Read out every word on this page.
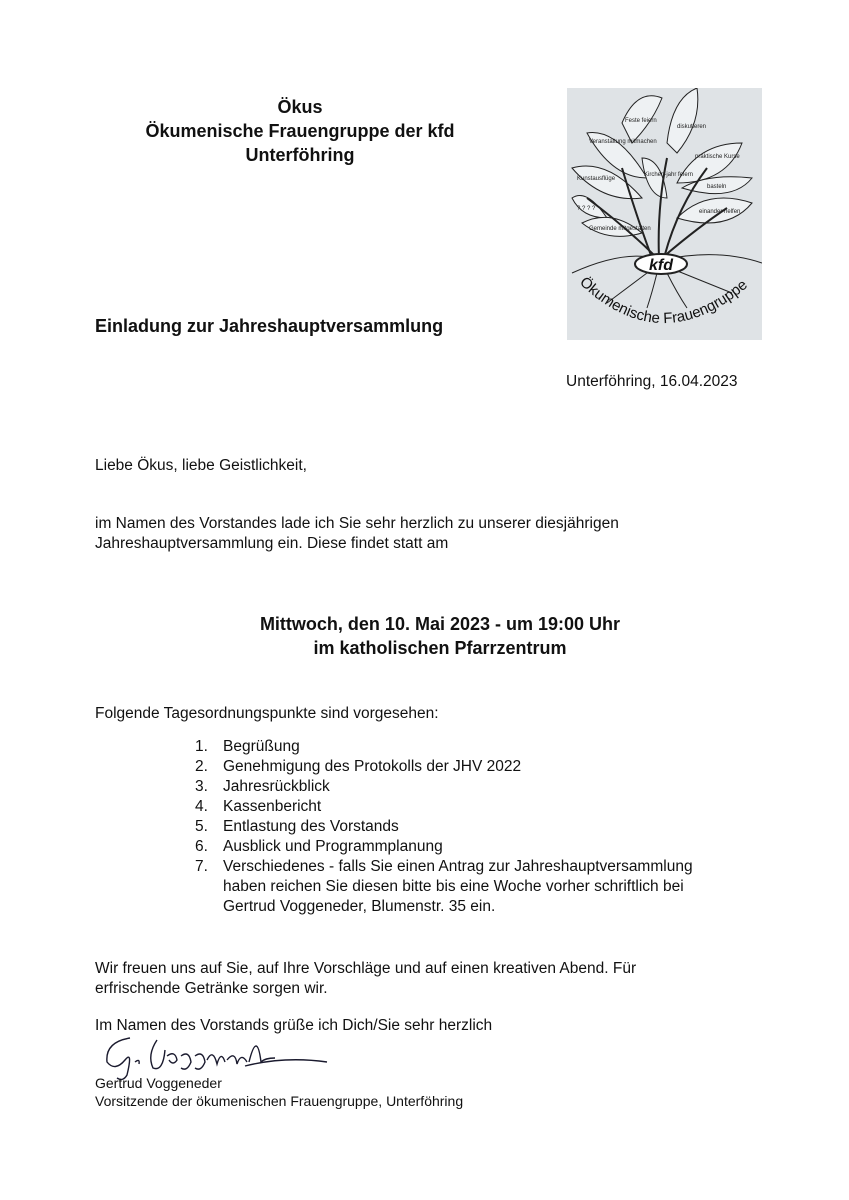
Ökus
Ökumenische Frauengruppe der kfd
Unterföhring
kfd
Ökumenische Frauengruppe
Feste feiern
diskutieren
Veranstaltung mitmachen
praktische Kurse
Kirchen-jahr feiern
Kunstausflüge
basteln
? ? ? ?	einander helfen
Gemeinde mitgestalten
Einladung zur Jahreshauptversammlung
Unterföhring, 16.04.2023
Liebe Ökus, liebe Geistlichkeit,
im Namen des Vorstandes lade ich Sie sehr herzlich zu unserer diesjährigen
Jahreshauptversammlung ein. Diese findet statt am
Mittwoch, den 10. Mai 2023 - um 19:00 Uhr
im katholischen Pfarrzentrum
Folgende Tagesordnungspunkte sind vorgesehen:
1. Begrüßung
2. Genehmigung des Protokolls der JHV 2022
3. Jahresrückblick
4. Kassenbericht
5. Entlastung des Vorstands
6. Ausblick und Programmplanung
7. Verschiedenes - falls Sie einen Antrag zur Jahreshauptversammlung
haben reichen Sie diesen bitte bis eine Woche vorher schriftlich bei
Gertrud Voggeneder, Blumenstr. 35 ein.
Wir freuen uns auf Sie, auf Ihre Vorschläge und auf einen kreativen Abend. Für
erfrischende Getränke sorgen wir.
Im Namen des Vorstands grüße ich Dich/Sie sehr herzlich
Gertrud Voggeneder
Vorsitzende der ökumenischen Frauengruppe, Unterföhring
